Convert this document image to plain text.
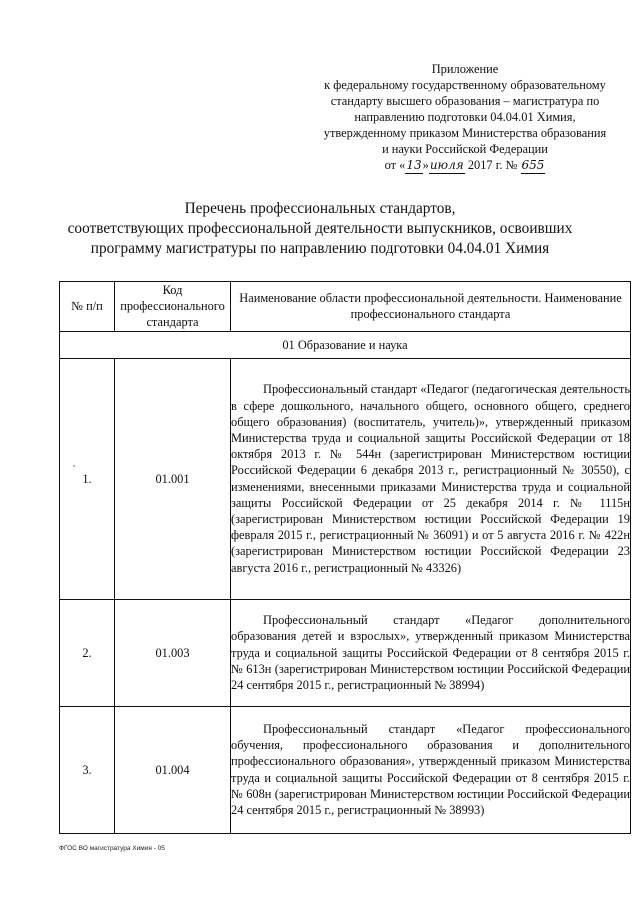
Приложение
к федеральному государственному образовательному
стандарту высшего образования – магистратура по
направлению подготовки 04.04.01 Химия,
утвержденному приказом Министерства образования
и науки Российской Федерации
от «13»июля 2017 г. № 655
Перечень профессиональных стандартов,
соответствующих профессиональной деятельности выпускников, освоивших
программу магистратуры по направлению подготовки 04.04.01 Химия
№ п/п	Код профессионального стандарта	Наименование области профессиональной деятельности. Наименование профессионального стандарта
01 Образование и наука		
1.	01.001	Профессиональный стандарт «Педагог (педагогическая деятельность в сфере дошкольного, начального общего, основного общего, среднего общего образования) (воспитатель, учитель)», утвержденный приказом Министерства труда и социальной защиты Российской Федерации от 18 октября 2013 г. № 544н (зарегистрирован Министерством юстиции Российской Федерации 6 декабря 2013 г., регистрационный № 30550), с изменениями, внесенными приказами Министерства труда и социальной защиты Российской Федерации от 25 декабря 2014 г. № 1115н (зарегистрирован Министерством юстиции Российской Федерации 19 февраля 2015 г., регистрационный № 36091) и от 5 августа 2016 г. № 422н (зарегистрирован Министерством юстиции Российской Федерации 23 августа 2016 г., регистрационный № 43326)

2.	01.003	Профессиональный стандарт «Педагог дополнительного образования детей и взрослых», утвержденный приказом Министерства труда и социальной защиты Российской Федерации от 8 сентября 2015 г. № 613н (зарегистрирован Министерством юстиции Российской Федерации 24 сентября 2015 г., регистрационный № 38994)

3.	01.004	Профессиональный стандарт «Педагог профессионального обучения, профессионального образования и дополнительного профессионального образования», утвержденный приказом Министерства труда и социальной защиты Российской Федерации от 8 сентября 2015 г. № 608н (зарегистрирован Министерством юстиции Российской Федерации 24 сентября 2015 г., регистрационный № 38993)
ФГОС ВО магистратура Химия - 05
